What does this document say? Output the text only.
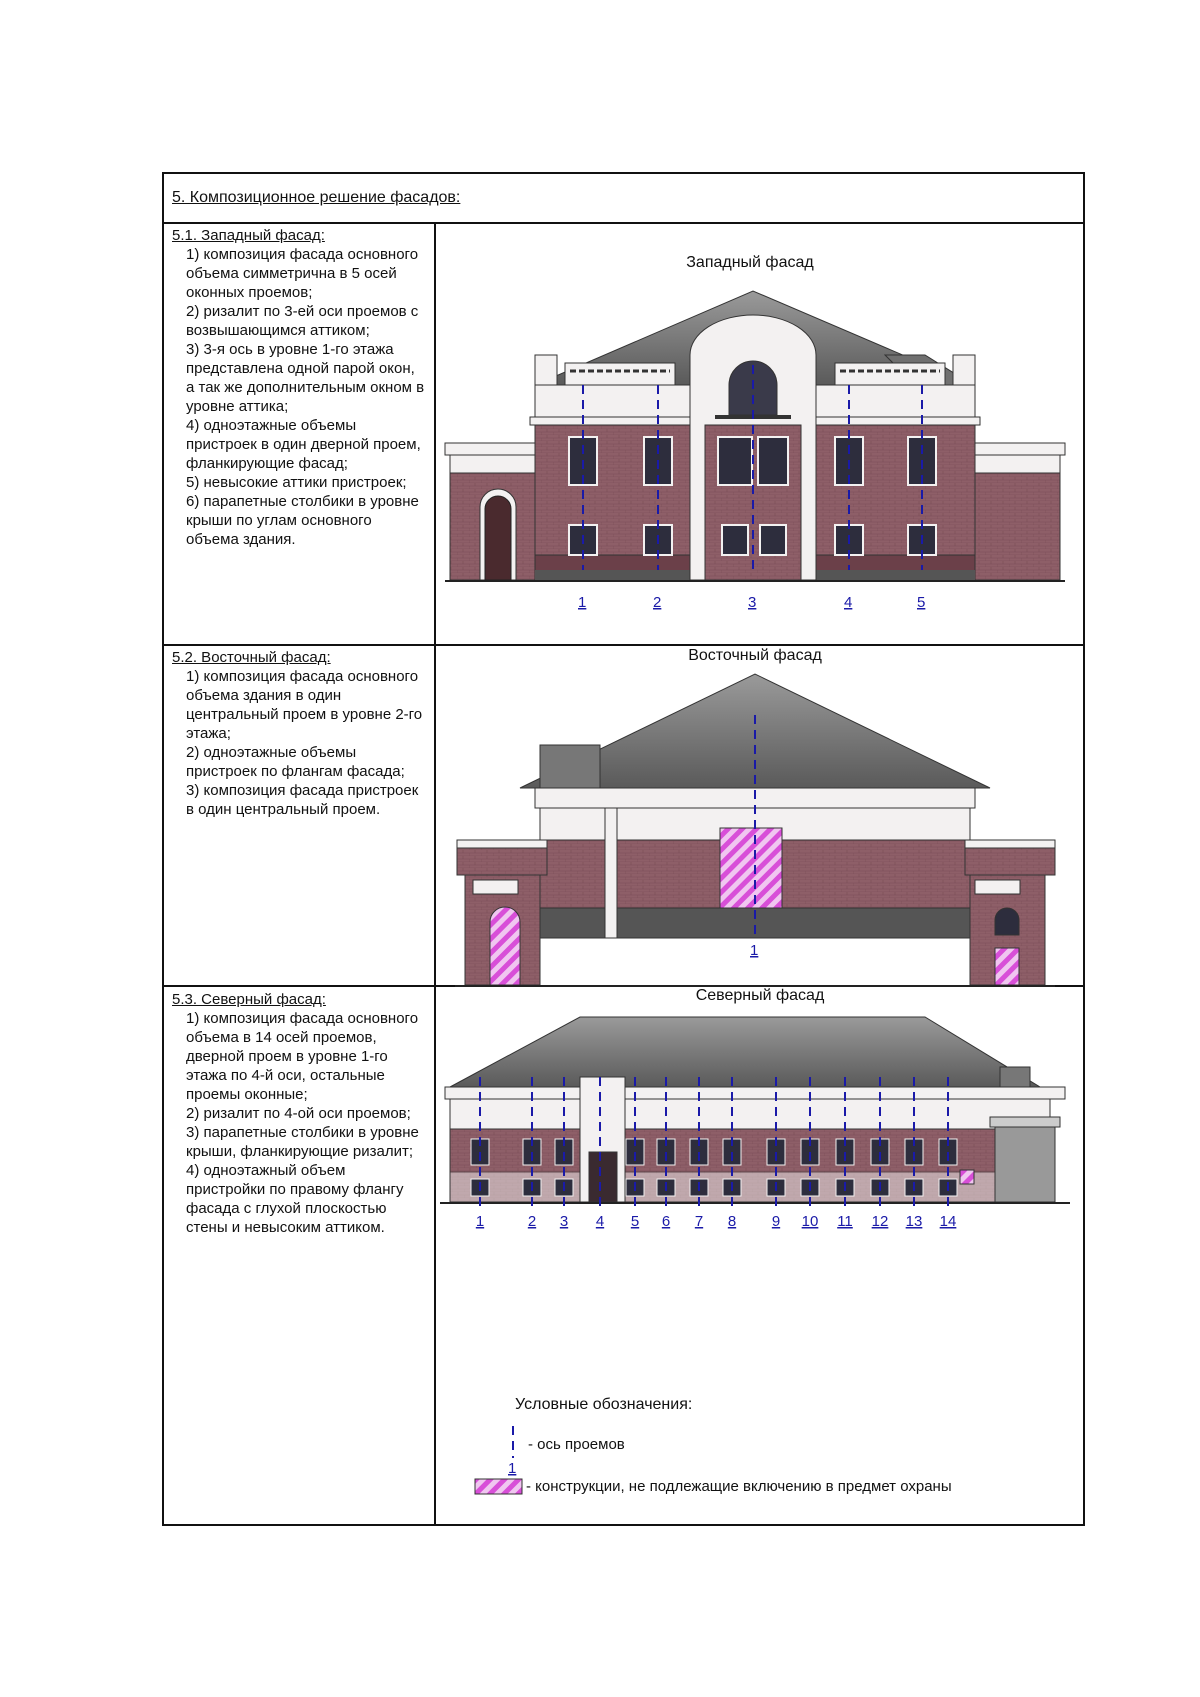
5. Композиционное решение фасадов:
5.1. Западный фасад:
1) композиция фасада основного объема симметрична в 5 осей оконных проемов;
2) ризалит по 3-ей оси проемов с возвышающимся аттиком;
3) 3-я ось в уровне 1-го этажа представлена одной парой окон, а так же дополнительным окном в уровне аттика;
4) одноэтажные объемы пристроек в один дверной проем, фланкирующие фасад;
5) невысокие аттики пристроек;
6) парапетные столбики в уровне крыши по углам основного объема здания.
5.2. Восточный фасад:
1) композиция фасада основного объема здания в один центральный проем в уровне 2-го этажа;
2) одноэтажные объемы пристроек по флангам фасада;
3) композиция фасада пристроек в один центральный проем.
5.3. Северный фасад:
1) композиция фасада основного объема в 14 осей проемов, дверной проем в уровне 1-го этажа по 4-й оси, остальные проемы оконные;
2) ризалит по 4-ой оси проемов;
3) парапетные столбики в уровне крыши, фланкирующие ризалит;
4) одноэтажный объем пристройки по правому флангу фасада с глухой плоскостью стены и невысоким аттиком.
Западный фасад
Восточный фасад
Северный фасад
1	2	3	4	5
1
1	2 3 4 5 6 7 8 9 10 11 12 13 14
Условные обозначения:
1
- ось проемов
- конструкции, не подлежащие включению в предмет охраны
